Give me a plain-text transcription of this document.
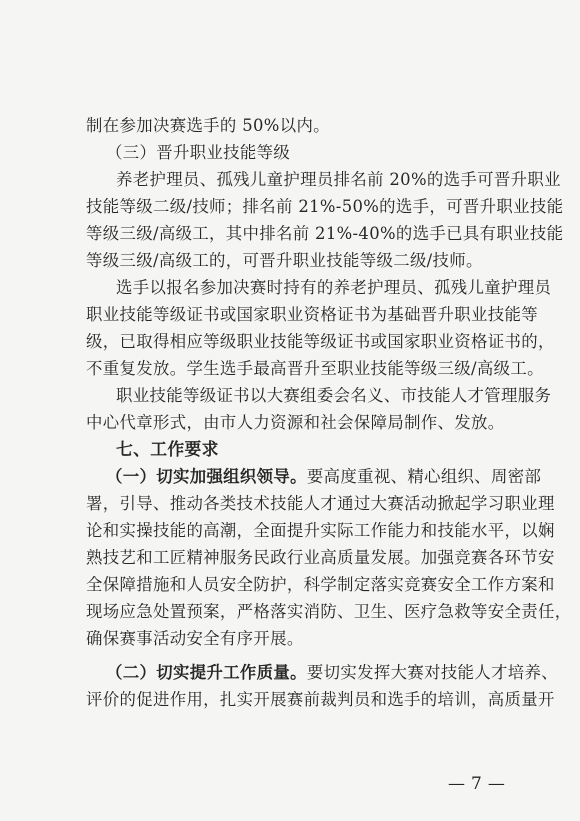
制在参加决赛选手的 50%以内。

（三）晋升职业技能等级

养老护理员、孤残儿童护理员排名前 20%的选手可晋升职业

技能等级二级/技师；排名前 21%-50%的选手，可晋升职业技能

等级三级/高级工，其中排名前 21%-40%的选手已具有职业技能

等级三级/高级工的，可晋升职业技能等级二级/技师。

选手以报名参加决赛时持有的养老护理员、孤残儿童护理员

职业技能等级证书或国家职业资格证书为基础晋升职业技能等

级，已取得相应等级职业技能等级证书或国家职业资格证书的，

不重复发放。学生选手最高晋升至职业技能等级三级/高级工。

职业技能等级证书以大赛组委会名义、市技能人才管理服务

中心代章形式，由市人力资源和社会保障局制作、发放。

七、工作要求

（一）切实加强组织领导。要高度重视、精心组织、周密部

署，引导、推动各类技术技能人才通过大赛活动掀起学习职业理

论和实操技能的高潮，全面提升实际工作能力和技能水平，以娴

熟技艺和工匠精神服务民政行业高质量发展。加强竞赛各环节安

全保障措施和人员安全防护，科学制定落实竞赛安全工作方案和

现场应急处置预案，严格落实消防、卫生、医疗急救等安全责任，

确保赛事活动安全有序开展。

（二）切实提升工作质量。要切实发挥大赛对技能人才培养、

评价的促进作用，扎实开展赛前裁判员和选手的培训，高质量开

— 7 —
